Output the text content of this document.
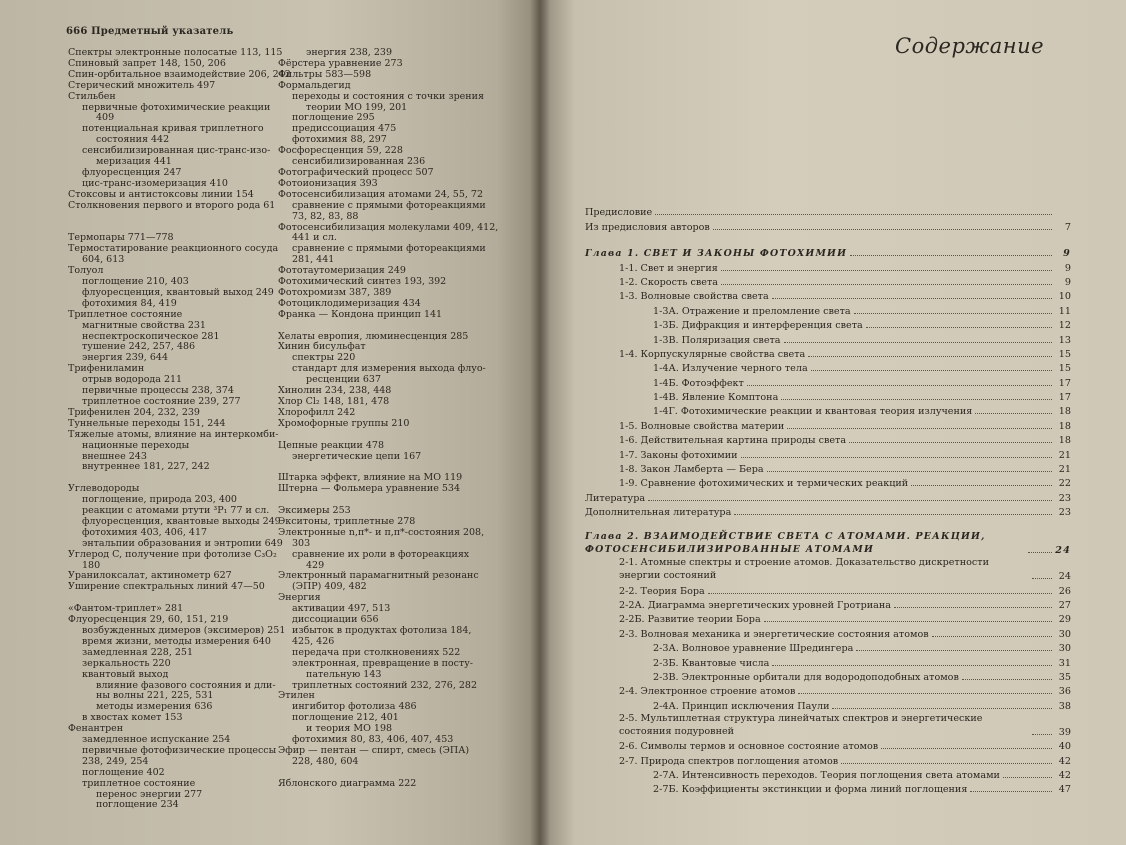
666 Предметный указатель
Спектры электронные полосатые 113, 115
Спиновый запрет 148, 150, 206
Спин-орбитальное взаимодействие 206, 242
Стерический множитель 497
Стильбен
первичные фотохимические реакции
409
потенциальная кривая триплетного
состояния 442
сенсибилизированная цис-транс-изо-
меризация 441
флуоресценция 247
цис-транс-изомеризация 410
Стоксовы и антистоксовы линии 154
Столкновения первого и второго рода 61
Термопары 771—778
Термостатирование реакционного сосуда
604, 613
Толуол
поглощение 210, 403
флуоресценция, квантовый выход 249
фотохимия 84, 419
Триплетное состояние
магнитные свойства 231
неспектроскопическое 281
тушение 242, 257, 486
энергия 239, 644
Трифениламин
отрыв водорода 211
первичные процессы 238, 374
триплетное состояние 239, 277
Трифенилен 204, 232, 239
Туннельные переходы 151, 244
Тяжелые атомы, влияние на интеркомби-
национные переходы
внешнее 243
внутреннее 181, 227, 242
Углеводороды
поглощение, природа 203, 400
реакции с атомами ртути ³P₁ 77 и сл.
флуоресценция, квантовые выходы 249
фотохимия 403, 406, 417
энтальпии образования и энтропии 649
Углерод C, получение при фотолизе C₃O₂
180
Уранилоксалат, актинометр 627
Уширение спектральных линий 47—50
«Фантом-триплет» 281
Флуоресценция 29, 60, 151, 219
возбужденных димеров (эксимеров) 251
время жизни, методы измерения 640
замедленная 228, 251
зеркальность 220
квантовый выход
влияние фазового состояния и дли-
ны волны 221, 225, 531
методы измерения 636
в хвостах комет 153
Фенантрен
замедленное испускание 254
первичные фотофизические процессы
238, 249, 254
поглощение 402
триплетное состояние
перенос энергии 277
поглощение 234
энергия 238, 239
Фёрстера уравнение 273
Фильтры 583—598
Формальдегид
переходы и состояния с точки зрения
теории МО 199, 201
поглощение 295
предиссоциация 475
фотохимия 88, 297
Фосфоресценция 59, 228
сенсибилизированная 236
Фотографический процесс 507
Фотоионизация 393
Фотосенсибилизация атомами 24, 55, 72
сравнение с прямыми фотореакциями
73, 82, 83, 88
Фотосенсибилизация молекулами 409, 412,
441 и сл.
сравнение с прямыми фотореакциями
281, 441
Фототаутомеризация 249
Фотохимический синтез 193, 392
Фотохромизм 387, 389
Фотоциклодимеризация 434
Франка — Кондона принцип 141
Хелаты европия, люминесценция 285
Хинин бисульфат
спектры 220
стандарт для измерения выхода флуо-
ресценции 637
Хинолин 234, 238, 448
Хлор Cl₂ 148, 181, 478
Хлорофилл 242
Хромофорные группы 210
Цепные реакции 478
энергетические цепи 167
Штарка эффект, влияние на МО 119
Штерна — Фольмера уравнение 534
Эксимеры 253
Экситоны, триплетные 278
Электронные n,π*- и π,π*-состояния 208,
303
сравнение их роли в фотореакциях
429
Электронный парамагнитный резонанс
(ЭПР) 409, 482
Энергия
активации 497, 513
диссоциации 656
избыток в продуктах фотолиза 184,
425, 426
передача при столкновениях 522
электронная, превращение в посту-
пательную 143
триплетных состояний 232, 276, 282
Этилен
ингибитор фотолиза 486
поглощение 212, 401
и теория МО 198
фотохимия 80, 83, 406, 407, 453
Эфир — пентан — спирт, смесь (ЭПА)
228, 480, 604
Яблонского диаграмма 222
Содержание
Предисловие
Из предисловия авторов	7
Глава 1. СВЕТ И ЗАКОНЫ ФОТОХИМИИ	9
1-1. Свет и энергия	9
1-2. Скорость света	9
1-3. Волновые свойства света	10
1-3А. Отражение и преломление света	11
1-3Б. Дифракция и интерференция света	12
1-3В. Поляризация света	13
1-4. Корпускулярные свойства света	15
1-4А. Излучение черного тела	15
1-4Б. Фотоэффект	17
1-4В. Явление Комптона	17
1-4Г. Фотохимические реакции и квантовая теория излучения	18
1-5. Волновые свойства материи	18
1-6. Действительная картина природы света	18
1-7. Законы фотохимии	21
1-8. Закон Ламберта — Бера	21
1-9. Сравнение фотохимических и термических реакций	22
Литература	23
Дополнительная литература	23
Глава 2. ВЗАИМОДЕЙСТВИЕ СВЕТА С АТОМАМИ. РЕАКЦИИ, ФОТОСЕНСИБИЛИЗИРОВАННЫЕ АТОМАМИ	24
2-1. Атомные спектры и строение атомов. Доказательство дискретности энергии состояний	24
2-2. Теория Бора	26
2-2А. Диаграмма энергетических уровней Гротриана	27
2-2Б. Развитие теории Бора	29
2-3. Волновая механика и энергетические состояния атомов	30
2-3А. Волновое уравнение Шредингера	30
2-3Б. Квантовые числа	31
2-3В. Электронные орбитали для водородоподобных атомов	35
2-4. Электронное строение атомов	36
2-4А. Принцип исключения Паули	38
2-5. Мультиплетная структура линейчатых спектров и энергетические состояния подуровней	39
2-6. Символы термов и основное состояние атомов	40
2-7. Природа спектров поглощения атомов	42
2-7А. Интенсивность переходов. Теория поглощения света атомами	42
2-7Б. Коэффициенты экстинкции и форма линий поглощения	47
